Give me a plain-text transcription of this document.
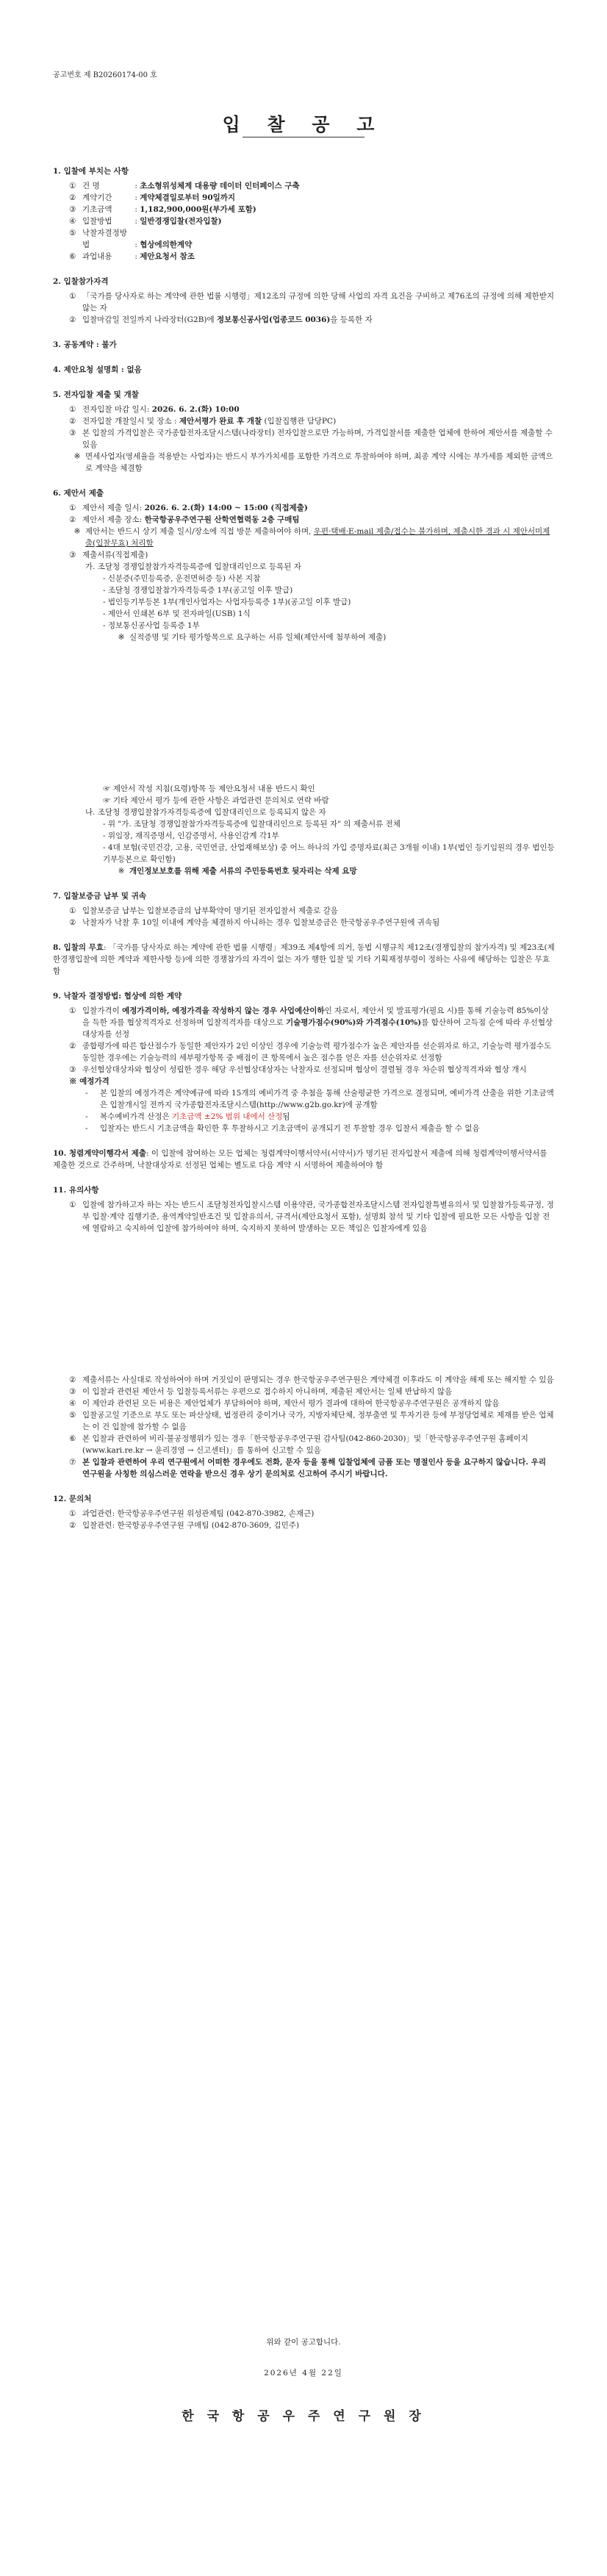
공고번호 제 B20260174-00 호
입 찰 공 고
1. 입찰에 부치는 사항
① 건 명	: 초소형위성체계 대용량 데이터 인터페이스 구축
② 계약기간	: 계약체결일로부터 90일까지
③ 기초금액	: 1,182,900,000원(부가세 포함)
④ 입찰방법	: 일반경쟁입찰(전자입찰)
⑤ 낙찰자결정방법	: 협상에의한계약
⑥ 과업내용	: 제안요청서 참조
2. 입찰참가자격
① 「국가를 당사자로 하는 계약에 관한 법률 시행령」제12조의 규정에 의한 당해 사업의 자격 요건을 구비하고 제76조의 규정에 의해 제한받지 않는 자
② 입찰마감일 전일까지 나라장터(G2B)에 정보통신공사업(업종코드 0036)을 등록한 자
3. 공동계약 : 불가
4. 제안요청 설명회 : 없음
5. 전자입찰 제출 및 개찰
① 전자입찰 마감 일시: 2026. 6. 2.(화) 10:00
② 전자입찰 개찰일시 및 장소 : 제안서평가 완료 후 개찰 (입찰집행관 담당PC)
③ 본 입찰의 가격입찰은 국가종합전자조달시스템(나라장터) 전자입찰으로만 가능하며, 가격입찰서를 제출한 업체에 한하여 제안서를 제출할 수 있음
※ 면세사업자(영세율을 적용받는 사업자)는 반드시 부가가치세를 포함한 가격으로 투찰하여야 하며, 최종 계약 시에는 부가세를 제외한 금액으로 계약을 체결함
6. 제안서 제출
① 제안서 제출 일시: 2026. 6. 2.(화) 14:00 ~ 15:00 (직접제출)
② 제안서 제출 장소: 한국항공우주연구원 산학연협력동 2층 구매팀
※ 제안서는 반드시 상기 제출 일시/장소에 직접 방문 제출하여야 하며, 우편·택배·E-mail 제출/접수는 불가하며, 제출시한 경과 시 제안서미제출(입찰무효) 처리함
③ 제출서류(직접제출)
가. 조달청 경쟁입찰참가자격등록증에 입찰대리인으로 등록된 자
- 신분증(주민등록증, 운전면허증 등) 사본 지참
- 조달청 경쟁입찰참가자격등록증 1부(공고일 이후 발급)
- 법인등기부등본 1부(개인사업자는 사업자등록증 1부)(공고일 이후 발급)
- 제안서 인쇄본 6부 및 전자파일(USB) 1식
- 정보통신공사업 등록증 1부
※ 실적증명 및 기타 평가항목으로 요구하는 서류 일체(제안서에 첨부하여 제출)
☞ 제안서 작성 지침(요령)항목 등 제안요청서 내용 반드시 확인
☞ 기타 제안서 평가 등에 관한 사항은 과업관련 문의처로 연락 바람
나. 조달청 경쟁입찰참가자격등록증에 입찰대리인으로 등록되지 않은 자
- 위 "가. 조달청 경쟁입찰참가자격등록증에 입찰대리인으로 등록된 자" 의 제출서류 전체
- 위임장, 재직증명서, 인감증명서, 사용인감계 각1부
- 4대 보험(국민건강, 고용, 국민연금, 산업재해보상) 중 어느 하나의 가입 증명자료(최근 3개월 이내) 1부(법인 등기임원의 경우 법인등기부등본으로 확인함)
※ 개인정보보호를 위해 제출 서류의 주민등록번호 뒷자리는 삭제 요망
7. 입찰보증금 납부 및 귀속
① 입찰보증금 납부는 입찰보증금의 납부확약이 명기된 전자입찰서 제출로 갈음
② 낙찰자가 낙찰 후 10일 이내에 계약을 체결하지 아니하는 경우 입찰보증금은 한국항공우주연구원에 귀속됨
8. 입찰의 무효: 「국가를 당사자로 하는 계약에 관한 법률 시행령」제39조 제4항에 의거, 동법 시행규칙 제12조(경쟁입찰의 참가자격) 및 제23조(제한경쟁입찰에 의한 계약과 제한사항 등)에 의한 경쟁참가의 자격이 없는 자가 행한 입찰 및 기타 기획재정부령이 정하는 사유에 해당하는 입찰은 무효함
9. 낙찰자 결정방법: 협상에 의한 계약
① 입찰가격이 예정가격이하, 예정가격을 작성하지 않는 경우 사업예산이하인 자로서, 제안서 및 발표평가(필요 시)를 통해 기술능력 85%이상을 득한 자를 협상적격자로 선정하며 입찰적격자를 대상으로 기술평가점수(90%)와 가격점수(10%)를 합산하여 고득점 순에 따라 우선협상대상자를 선정
② 종합평가에 따른 합산점수가 동일한 제안자가 2인 이상인 경우에 기술능력 평가점수가 높은 제안자를 선순위자로 하고, 기술능력 평가점수도 동일한 경우에는 기술능력의 세부평가항목 중 배점이 큰 항목에서 높은 점수를 얻은 자를 선순위자로 선정함
③ 우선협상대상자와 협상이 성립한 경우 해당 우선협상대상자는 낙찰자로 선정되며 협상이 결렬될 경우 차순위 협상적격자와 협상 개시
※ 예정가격
-	본 입찰의 예정가격은 계약예규에 따라 15개의 예비가격 중 추첨을 통해 산술평균한 가격으로 결정되며, 예비가격 산출을 위한 기초금액은 입찰개시일 전까지 국가종합전자조달시스템(http://www.g2b.go.kr)에 공개함
-	복수예비가격 산정은 기초금액 ±2% 범위 내에서 산정됨
-	입찰자는 반드시 기초금액을 확인한 후 투찰하시고 기초금액이 공개되기 전 투찰할 경우 입찰서 제출을 할 수 없음
10. 청렴계약이행각서 제출: 이 입찰에 참여하는 모든 업체는 청렴계약이행서약서(서약서)가 명기된 전자입찰서 제출에 의해 청렴계약이행서약서를 제출한 것으로 간주하며, 낙찰대상자로 선정된 업체는 별도로 다음 계약 시 서명하여 제출하여야 함
11. 유의사항
① 입찰에 참가하고자 하는 자는 반드시 조달청전자입찰시스템 이용약관, 국가종합전자조달시스템 전자입찰특별유의서 및 입찰참가등록규정, 정부 입찰·계약 집행기준, 용역계약일반조건 및 입찰유의서, 규격서(제안요청서 포함), 설명회 참석 및 기타 입찰에 필요한 모든 사항을 입찰 전에 열람하고 숙지하여 입찰에 참가하여야 하며, 숙지하지 못하여 발생하는 모든 책임은 입찰자에게 있음
② 제출서류는 사실대로 작성하여야 하며 거짓임이 판명되는 경우 한국항공우주연구원은 계약체결 이후라도 이 계약을 해제 또는 해지할 수 있음
③ 이 입찰과 관련된 제안서 등 입찰등록서류는 우편으로 접수하지 아니하며, 제출된 제안서는 일체 반납하지 않음
④ 이 제안과 관련된 모든 비용은 제안업체가 부담하여야 하며, 제안서 평가 결과에 대하여 한국항공우주연구원은 공개하지 않음
⑤ 입찰공고일 기준으로 부도 또는 파산상태, 법정관리 중이거나 국가, 지방자체단체, 정부출연 및 투자기관 등에 부정당업체로 제재를 받은 업체는 이 건 입찰에 참가할 수 없음
⑥ 본 입찰과 관련하여 비리·불공정행위가 있는 경우「한국항공우주연구원 감사팀(042-860-2030)」및「한국항공우주연구원 홈페이지(www.kari.re.kr → 윤리경영 → 신고센터)」를 통하여 신고할 수 있음
⑦ 본 입찰과 관련하여 우리 연구원에서 어떠한 경우에도 전화, 문자 등을 통해 입찰업체에 금품 또는 명절인사 등을 요구하지 않습니다. 우리 연구원을 사칭한 의심스러운 연락을 받으신 경우 상기 문의처로 신고하여 주시기 바랍니다.
12. 문의처
① 과업관련: 한국항공우주연구원 위성관제팀 (042-870-3982, 손재근)
② 입찰관련: 한국항공우주연구원 구매팀 (042-870-3609, 김민주)
위와 같이 공고합니다.
2026년 4월 22일
한 국 항 공 우 주 연 구 원 장
